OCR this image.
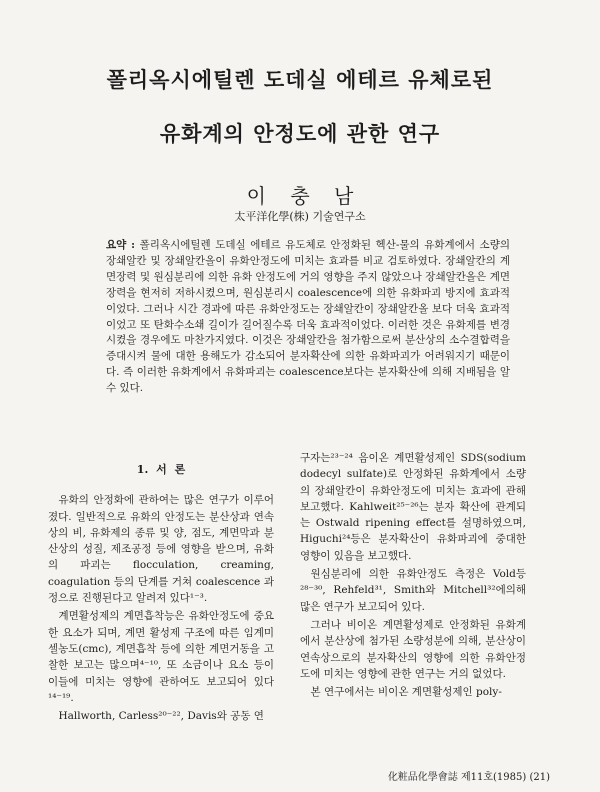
폴리옥시에틸렌 도데실 에테르 유체로된
유화계의 안정도에 관한 연구
이 충 남
太平洋化學(株) 기술연구소

요약 : 폴리옥시에틸렌 도데실 에테르 유도체로 안정화된 헥산-물의 유화계에서 소량의 장쇄알칸 및 장쇄알칸올이 유화안정도에 미치는 효과를 비교 검토하였다. 장쇄알칸의 계면장력 및 원심분리에 의한 유화 안정도에 거의 영향을 주지 않았으나 장쇄알칸올은 계면장력을 현저히 저하시켰으며, 원심분리시 coalescence에 의한 유화파괴 방지에 효과적이었다. 그러나 시간 경과에 따른 유화안정도는 장쇄알칸이 장쇄알칸올 보다 더욱 효과적이었고 또 탄화수소쇄 길이가 길어질수록 더욱 효과적이었다. 이러한 것은 유화제를 변경시켰을 경우에도 마찬가지였다. 이것은 장쇄알칸을 첨가함으로써 분산상의 소수결합력을 증대시켜 물에 대한 용해도가 감소되어 분자확산에 의한 유화파괴가 어려워지기 때문이다. 즉 이러한 유화계에서 유화파괴는 coalescence보다는 분자확산에 의해 지배됨을 알 수 있다.

1. 서 론

유화의 안정화에 관하여는 많은 연구가 이루어졌다. 일반적으로 유화의 안정도는 분산상과 연속상의 비, 유화제의 종류 및 양, 점도, 계면막과 분산상의 성질, 제조공정 등에 영향을 받으며, 유화의 파괴는 flocculation, creaming, coagulation 등의 단계를 거쳐 coalescence 과정으로 진행된다고 알려져 있다¹⁻³.

계면활성제의 계면흡착능은 유화안정도에 중요한 요소가 되며, 계면 활성제 구조에 따른 임계미셀농도(cmc), 계면흡착 등에 의한 계면거동을 고찰한 보고는 많으며⁴⁻¹⁰, 또 소금이나 요소 등이 이들에 미치는 영향에 관하여도 보고되어 있다¹⁴⁻¹⁹.

Hallworth, Carless²⁰⁻²², Davis와 공동 연

구자는²³⁻²⁴ 음이온 계면활성제인 SDS(sodium dodecyl sulfate)로 안정화된 유화계에서 소량의 장쇄알칸이 유화안정도에 미치는 효과에 관해 보고했다. Kahlweit²⁵⁻²⁶는 분자 확산에 관계되는 Ostwald ripening effect를 설명하였으며, Higuchi²⁴등은 분자확산이 유화파괴에 중대한 영향이 있음을 보고했다.

원심분리에 의한 유화안정도 측정은 Vold등²⁸⁻³⁰, Rehfeld³¹, Smith와 Mitchell³²에의해 많은 연구가 보고되어 있다.

그러나 비이온 계면활성제로 안정화된 유화계에서 분산상에 첨가된 소량성분에 의해, 분산상이 연속상으로의 분자확산의 영향에 의한 유화안정도에 미치는 영향에 관한 연구는 거의 없었다.

본 연구에서는 비이온 계면활성제인 poly-

化粧品化學會誌 제11호(1985) (21)
